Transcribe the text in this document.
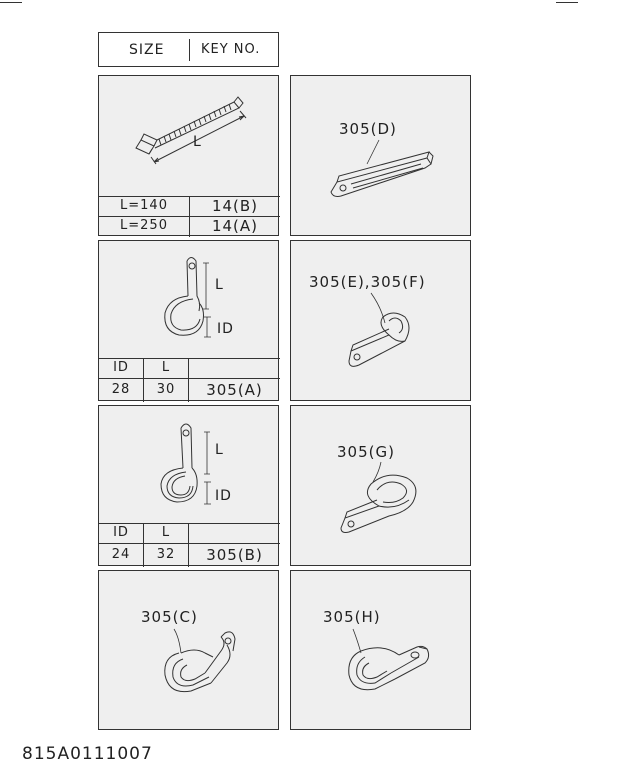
SIZE	KEY NO.
L
L=140	14(B)
L=250	14(A)
L
ID
ID	L
28	30	305(A)
L
ID
ID	L
24	32	305(B)
305(C)
305(D)
305(E),305(F)
305(G)
305(H)
815A0111007
